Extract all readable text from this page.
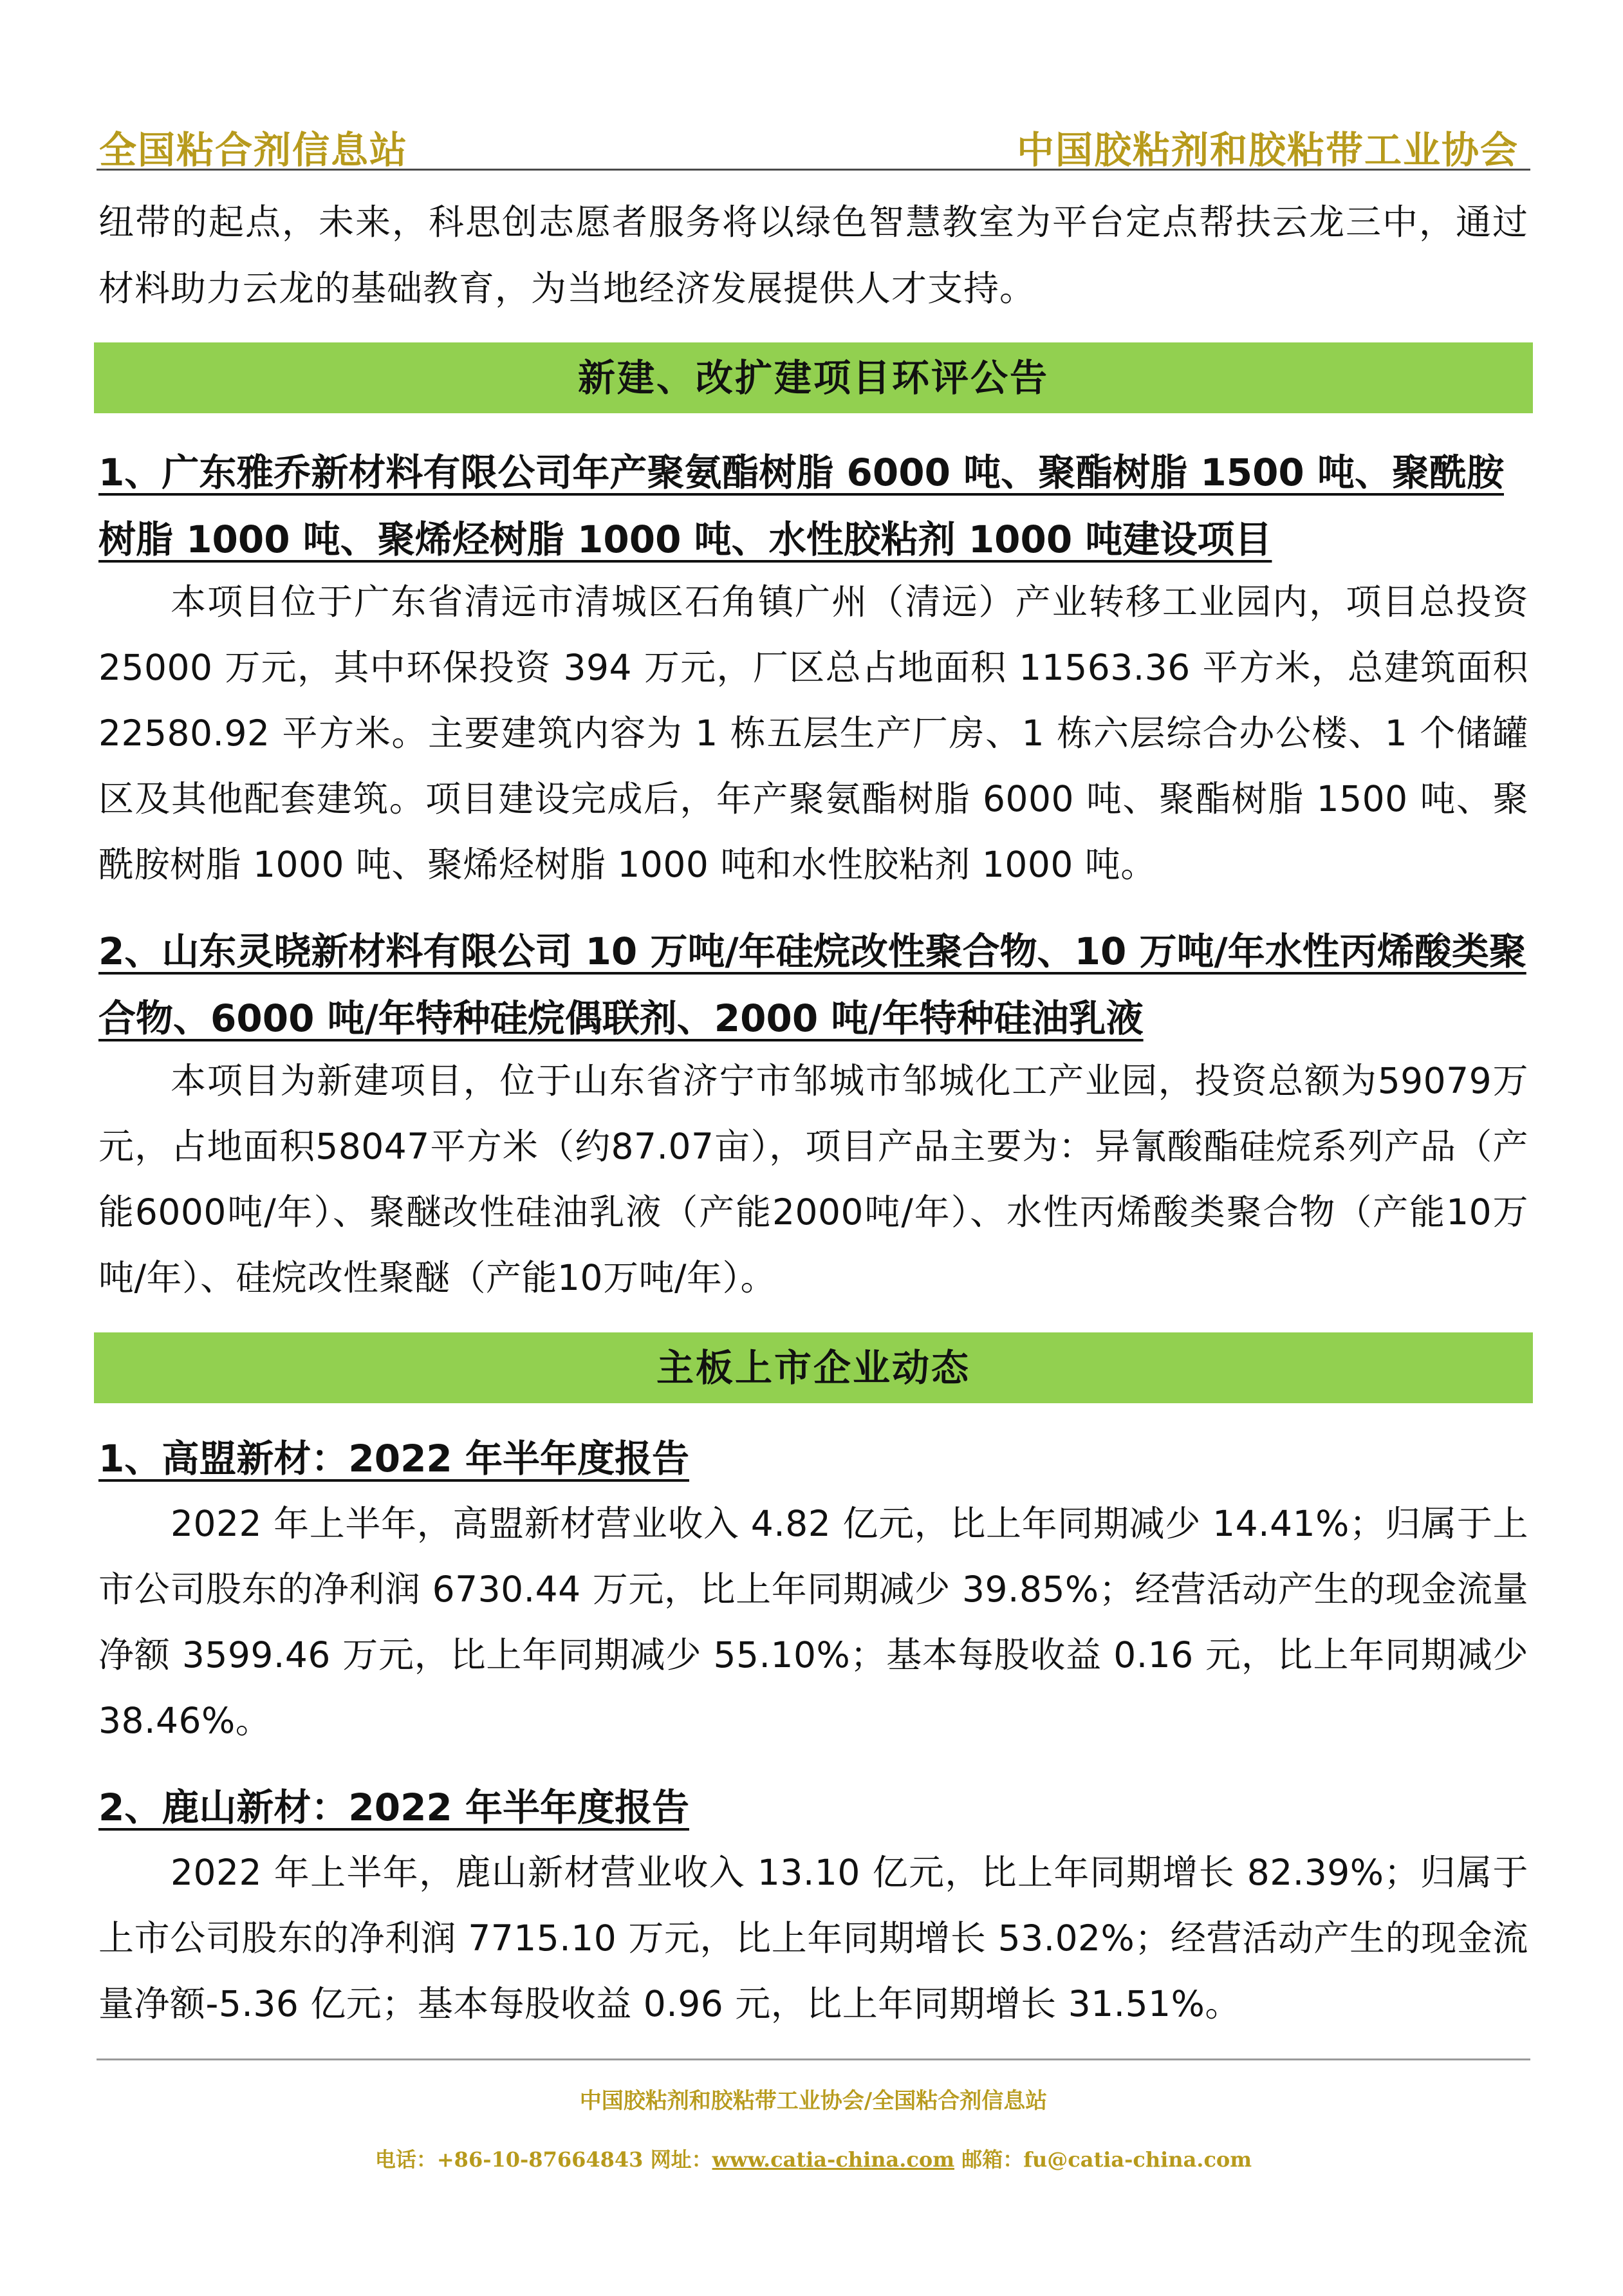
全国粘合剂信息站	中国胶粘剂和胶粘带工业协会
纽带的起点，未来，科思创志愿者服务将以绿色智慧教室为平台定点帮扶云龙三中，通过材料助力云龙的基础教育，为当地经济发展提供人才支持。
新建、改扩建项目环评公告
1、广东雅乔新材料有限公司年产聚氨酯树脂 6000 吨、聚酯树脂 1500 吨、聚酰胺树脂 1000 吨、聚烯烃树脂 1000 吨、水性胶粘剂 1000 吨建设项目
本项目位于广东省清远市清城区石角镇广州（清远）产业转移工业园内，项目总投资 25000 万元，其中环保投资 394 万元，厂区总占地面积 11563.36 平方米，总建筑面积 22580.92 平方米。主要建筑内容为 1 栋五层生产厂房、1 栋六层综合办公楼、1 个储罐区及其他配套建筑。项目建设完成后，年产聚氨酯树脂 6000 吨、聚酯树脂 1500 吨、聚酰胺树脂 1000 吨、聚烯烃树脂 1000 吨和水性胶粘剂 1000 吨。
2、山东灵晓新材料有限公司 10 万吨/年硅烷改性聚合物、10 万吨/年水性丙烯酸类聚合物、6000 吨/年特种硅烷偶联剂、2000 吨/年特种硅油乳液
本项目为新建项目，位于山东省济宁市邹城市邹城化工产业园，投资总额为59079万元，占地面积58047平方米（约87.07亩），项目产品主要为：异氰酸酯硅烷系列产品（产能6000吨/年）、聚醚改性硅油乳液（产能2000吨/年）、水性丙烯酸类聚合物（产能10万吨/年）、硅烷改性聚醚（产能10万吨/年）。
主板上市企业动态
1、高盟新材：2022 年半年度报告
2022 年上半年，高盟新材营业收入 4.82 亿元，比上年同期减少 14.41%；归属于上市公司股东的净利润 6730.44 万元，比上年同期减少 39.85%；经营活动产生的现金流量净额 3599.46 万元，比上年同期减少 55.10%；基本每股收益 0.16 元，比上年同期减少 38.46%。
2、鹿山新材：2022 年半年度报告
2022 年上半年，鹿山新材营业收入 13.10 亿元，比上年同期增长 82.39%；归属于上市公司股东的净利润 7715.10 万元，比上年同期增长 53.02%；经营活动产生的现金流量净额-5.36 亿元；基本每股收益 0.96 元，比上年同期增长 31.51%。
中国胶粘剂和胶粘带工业协会/全国粘合剂信息站
电话：+86-10-87664843 网址：www.catia-china.com 邮箱：fu@catia-china.com
